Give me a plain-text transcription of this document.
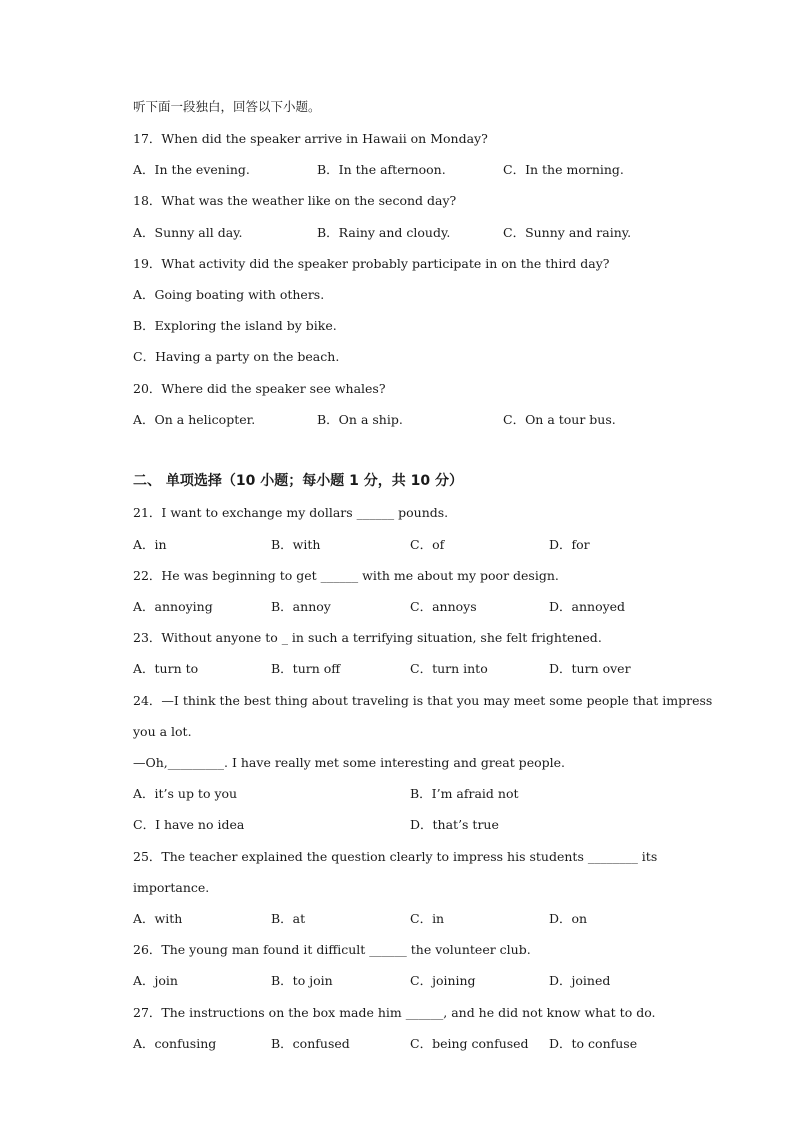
听下面一段独白，回答以下小题。
17．When did the speaker arrive in Hawaii on Monday?
A．In the evening.	B．In the afternoon.	C．In the morning.
18．What was the weather like on the second day?
A．Sunny all day.	B．Rainy and cloudy.	C．Sunny and rainy.
19．What activity did the speaker probably participate in on the third day?
A．Going boating with others.
B．Exploring the island by bike.
C．Having a party on the beach.
20．Where did the speaker see whales?
A．On a helicopter.	B．On a ship.	C．On a tour bus.
二、 单项选择（10 小题；每小题 1 分，共 10 分）
21．I want to exchange my dollars ______ pounds.
A．in	B．with	C．of	D．for
22．He was beginning to get ______ with me about my poor design.
A．annoying	B．annoy	C．annoys	D．annoyed
23．Without anyone to _ in such a terrifying situation, she felt frightened.
A．turn to	B．turn off	C．turn into	D．turn over
24．—I think the best thing about traveling is that you may meet some people that impress
you a lot.
—Oh,_________. I have really met some interesting and great people.
A．it’s up to you	B．I’m afraid not
C．I have no idea	D．that’s true
25．The teacher explained the question clearly to impress his students ________ its
importance.
A．with	B．at	C．in	D．on
26．The young man found it difficult ______ the volunteer club.
A．join	B．to join	C．joining	D．joined
27．The instructions on the box made him ______, and he did not know what to do.
A．confusing	B．confused	C．being confused D．to confuse
